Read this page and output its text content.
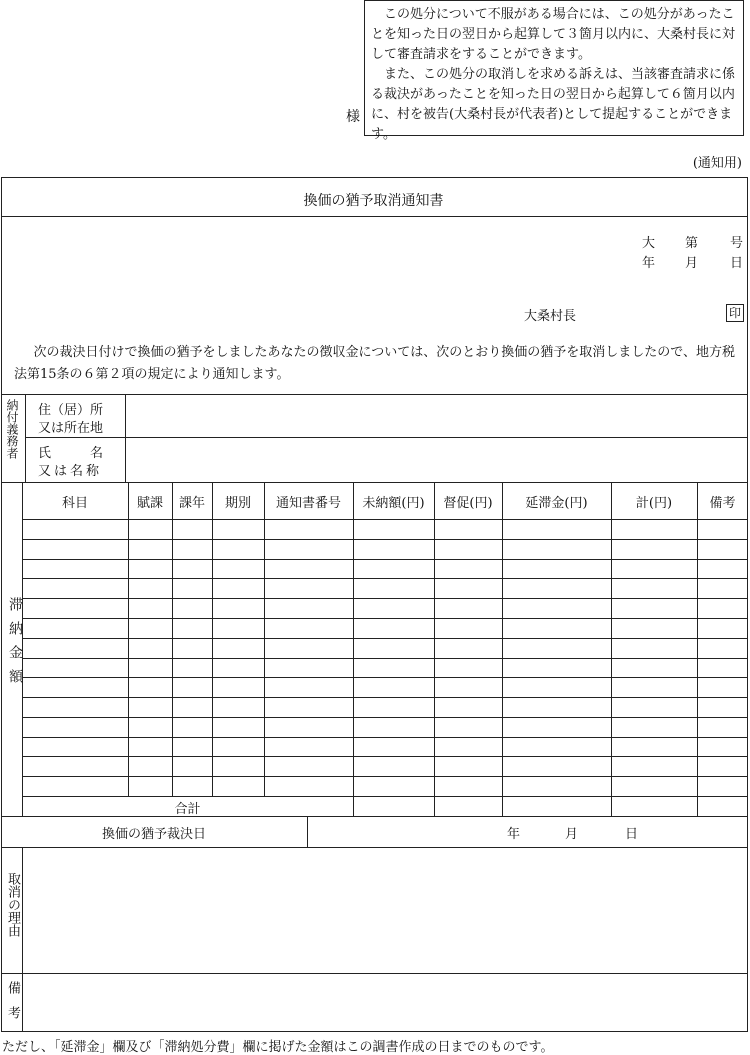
この処分について不服がある場合には、この処分があったことを知った日の翌日から起算して３箇月以内に、大桑村長に対して審査請求をすることができます。

また、この処分の取消しを求める訴えは、当該審査請求に係る裁決があったことを知った日の翌日から起算して６箇月以内に、村を被告(大桑村長が代表者)として提起することができます。

様
(通知用)
換価の猶予取消通知書
大 第 号
年 月 日
大桑村長	印
次の裁決日付けで換価の猶予をしましたあなたの徴収金については、次のとおり換価の猶予を取消しましたので、地方税法第15条の６第２項の規定により通知します。
納付義務者 住（居）所
又は所在地
氏　　　名
又は名称
滞納金額
科目	賦課	課年	期別	通知書番号	未納額(円)	督促(円)	延滞金(円)	計(円)	備考
合計
換価の猶予裁決日	年	月	日
取消の理由
備考
ただし、「延滞金」欄及び「滞納処分費」欄に掲げた金額はこの調書作成の日までのものです。
